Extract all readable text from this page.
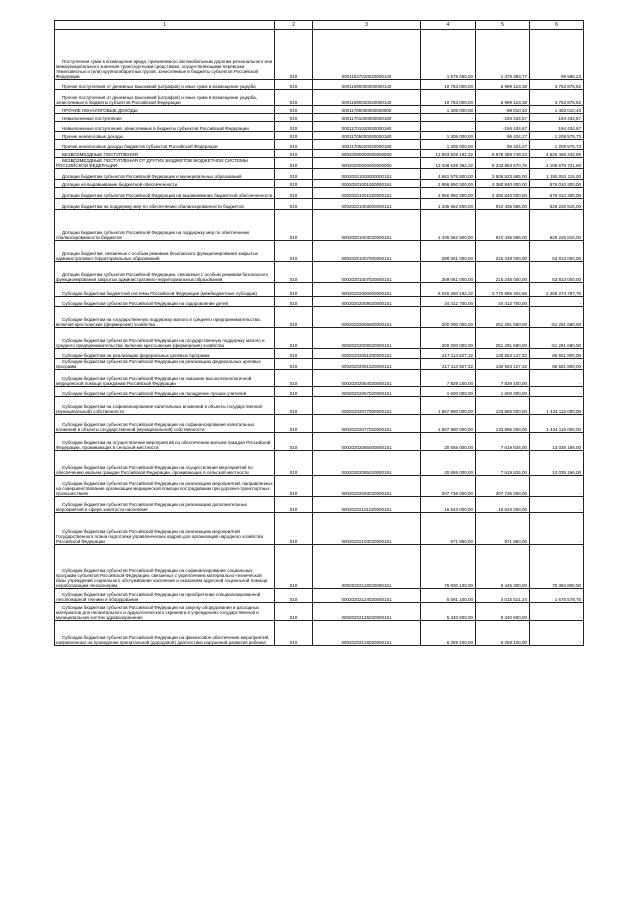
1	2	3	4	5	6
Поступления сумм в возмещение вреда, причиняемого автомобильным дорогам регионального или межмуниципального значения транспортными средствами, осуществляющими перевозки тяжеловесных и (или) крупногабаритных грузов, зачисляемые в бюджеты субъектов Российской Федерации	010	00011637020020000140	1 575 060,00	1 475 393,77	99 666,23
Прочие поступления от денежных взысканий (штрафов) и иных сумм в возмещение ущерба	010	00011690000000000140	10 753 000,00	6 999 123,38	3 753 876,62
Прочие поступления от денежных взысканий (штрафов) и иных сумм в возмещение ущерба, зачисляемые в бюджеты субъектов Российской Федерации	010	00011690020020000140	10 753 000,00	6 999 123,38	3 753 876,62
ПРОЧИЕ НЕНАЛОГОВЫЕ ДОХОДЫ	010	00011700000000000000	1 305 000,00	-98 010,40	1 403 010,40
Невыясненные поступления	010	00011701000000000180	-	-194 434,67	194 434,67
Невыясненные поступления, зачисляемые в бюджеты субъектов Российской Федерации	010	00011701020020000180	-	-194 434,67	194 434,67
Прочие неналоговые доходы	010	00011705000000000180	1 305 000,00	96 424,27	1 208 575,73
Прочие неналоговые доходы бюджетов субъектов Российской Федерации	010	00011705020020000180	1 305 000,00	96 424,27	1 208 575,73
БЕЗВОЗМЕЗДНЫЕ ПОСТУПЛЕНИЯ	010	00020000000000000000	13 603 829 192,32	8 978 359 749,33	4 625 458 442,99
БЕЗВОЗМЕЗДНЫЕ ПОСТУПЛЕНИЯ ОТ ДРУГИХ БЮДЖЕТОВ БЮДЖЕТНОЙ СИСТЕМЫ РОССИЙСКОЙ ФЕДЕРАЦИИ	010	00020200000000000000	13 338 539 392,32	9 232 863 670,76	4 105 675 721,56
Дотации бюджетам субъектов Российской Федерации и муниципальных образований	010	00020201000000000151	4 681 575 800,00	3 506 523 685,00	1 155 052 115,00
Дотации на выравнивание бюджетной обеспеченности	010	00020201001000000151	2 956 850 300,00	2 380 840 000,00	576 010 300,00
Дотации бюджетам субъектов Российской Федерации на выравнивание бюджетной обеспеченности	010	00020201001020000151	2 956 850 300,00	2 380 840 000,00	576 010 300,00
Дотации бюджетам на поддержку мер по обеспечению сбалансированности бюджетов	010	00020201003000000151	1 435 662 500,00	910 435 685,00	525 226 815,00
Дотации бюджетам субъектов Российской Федерации на поддержку мер по обеспечению сбалансированности бюджетов	010	00020201003020000151	1 435 662 500,00	910 435 685,00	525 226 815,00
Дотации бюджетам, связанные с особым режимом безопасного функционирования закрытых административно-территориальных образований	010	00020201007000000151	289 061 000,00	215 248 000,00	53 813 000,00
Дотации бюджетам субъектов Российской Федерации, связанные с особым режимом безопасного функционирования закрытых административно-территориальных образований	010	00020201007020000151	269 061 000,00	215 248 000,00	53 813 000,00
Субсидии бюджетам бюджетной системы Российской Федерации (межбюджетные субсидии)	010	00020202000000000151	5 026 260 192,32	2 770 985 404,56	2 255 274 787,76
Субсидии бюджетам субъектов Российской Федерации на оздоровление детей	010	00020202009020000151	34 412 700,00	34 412 700,00	-
Субсидии бюджетам на государственную поддержку малого и среднего предпринимательства, включая крестьянские (фермерские) хозяйства	010	00020202009000000151	200 000 000,00	251 291 680,00	-51 291 680,00
Субсидии бюджетам субъектов Российской Федерации на государственную поддержку малого и среднего предпринимательства, включая крестьянские (фермерские) хозяйства	010	00020202009020000151	200 000 000,00	251 291 680,00	-51 291 680,00
Субсидии бюджетам на реализацию федеральных целевых программ	010	00020202051000000151	217 114 827,32	130 563 127,32	86 551 800,00
Субсидии бюджетам субъектов Российской Федерации на реализацию федеральных целевых программ	010	00020202051020000151	217 114 927,32	130 563 127,32	86 551 800,00
Субсидии бюджетам субъектов Российской Федерации на оказание высокотехнологичной медицинской помощи гражданам Российской Федерации	010	00020202054020000151	7 829 100,00	7 829 100,00	-
Субсидии бюджетам субъектов Российской Федерации на поощрение лучших учителей	010	00020202067020000151	1 600 000,00	1 600 000,00	-
Субсидии бюджетам на софинансирование капитальных вложений в объекты государственной (муниципальной) собственности	010	00020202077000000151	1 567 980 000,00	133 865 000,00	1 434 115 000,00
Субсидии бюджетам субъектов Российской Федерации на софинансирование капитальных вложений в объекты государственной (муниципальной) собственности	010	00020202077020000151	1 567 980 000,00	133 865 000,00	1 434 115 000,00
Субсидии бюджетам на осуществление мероприятий по обеспечению жильем граждан Российской Федерации, проживающих в сельской местности	010	00020202085000000151	20 655 000,00	7 619 834,00	13 035 166,00
Субсидии бюджетам субъектов Российской Федерации на осуществление мероприятий по обеспечению жильем граждан Российской Федерации, проживающих в сельской местности	010	00020202085020000151	20 655 000,00	7 619 834,00	13 035 166,00
Субсидии бюджетам субъектов Российской Федерации на реализацию мероприятий, направленных на совершенствование организации медицинской помощи пострадавшим при дорожно-транспортных происшествиях	010	00020202093020000151	207 736 000,00	207 736 000,00	-
Субсидии бюджетам субъектов Российской Федерации на реализацию дополнительных мероприятий в сфере занятости населения	010	00020202101020000151	16 543 000,00	16 543 000,00	-
Субсидии бюджетам субъектов Российской Федерации на реализацию мероприятий Государственного плана подготовки управленческих кадров для организаций народного хозяйства Российской Федерации	010	00020202103020000151	971 850,00	971 850,00	-
Субсидии бюджетам субъектов Российской Федерации на софинансирование социальных программ субъектов Российской Федерации, связанных с укреплением материально-технической базы учреждений социального обслуживания населения и оказанием адресной социальной помощи неработающим пенсионерам	010	00020202118020000151	76 830 100,00	6 445 300,00	70 384 800,00
Субсидии бюджетам субъектов Российской Федерации на приобретение специализированной лесопожарной техники и оборудования	010	00020202124020000151	5 691 100,00	4 015 521,24	1 675 578,76
Субсидии бюджетам субъектов Российской Федерации на закупку оборудования и расходных материалов для неонатального и аудиологического скрининга в учреждениях государственной и муниципальной систем здравоохранения	010	00020202126020000151	5 340 600,00	5 340 600,00	-
Субсидии бюджетам субъектов Российской Федерации на финансовое обеспечение мероприятий, направленных на проведение пренатальной (дородовой) диагностики нарушений развития ребенка	010	00020202128020000151	6 259 100,00	6 259 100,00	-
